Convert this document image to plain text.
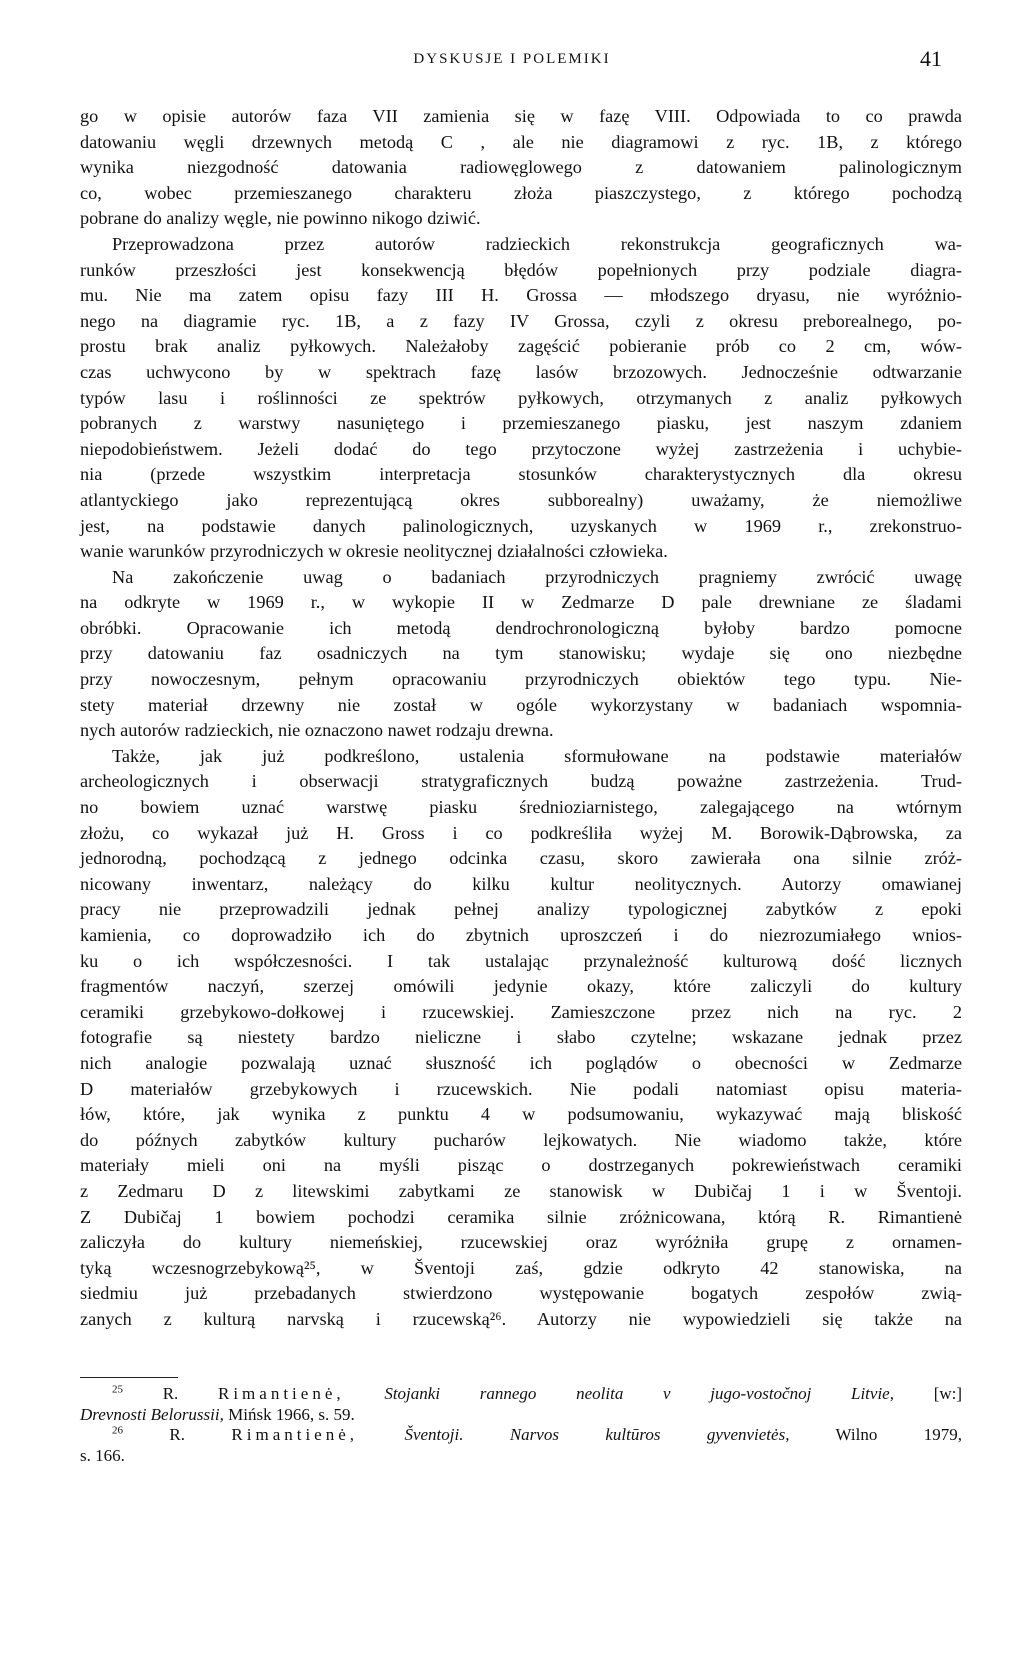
DYSKUSJE I POLEMIKI	41
go w opisie autorów faza VII zamienia się w fazę VIII. Odpowiada to co prawda
datowaniu węgli drzewnych metodą C , ale nie diagramowi z ryc. 1B, z którego
wynika niezgodność datowania radiowęglowego z datowaniem palinologicznym
co, wobec przemieszanego charakteru złoża piaszczystego, z którego pochodzą
pobrane do analizy węgle, nie powinno nikogo dziwić.
Przeprowadzona przez autorów radzieckich rekonstrukcja geograficznych wa-
runków przeszłości jest konsekwencją błędów popełnionych przy podziale diagra-
mu. Nie ma zatem opisu fazy III H. Grossa — młodszego dryasu, nie wyróżnio-
nego na diagramie ryc. 1B, a z fazy IV Grossa, czyli z okresu preborealnego, po-
prostu brak analiz pyłkowych. Należałoby zagęścić pobieranie prób co 2 cm, wów-
czas uchwycono by w spektrach fazę lasów brzozowych. Jednocześnie odtwarzanie
typów lasu i roślinności ze spektrów pyłkowych, otrzymanych z analiz pyłkowych
pobranych z warstwy nasuniętego i przemieszanego piasku, jest naszym zdaniem
niepodobieństwem. Jeżeli dodać do tego przytoczone wyżej zastrzeżenia i uchybie-
nia (przede wszystkim interpretacja stosunków charakterystycznych dla okresu
atlantyckiego jako reprezentującą okres subborealny) uważamy, że niemożliwe
jest, na podstawie danych palinologicznych, uzyskanych w 1969 r., zrekonstruo-
wanie warunków przyrodniczych w okresie neolitycznej działalności człowieka.
Na zakończenie uwag o badaniach przyrodniczych pragniemy zwrócić uwagę
na odkryte w 1969 r., w wykopie II w Zedmarze D pale drewniane ze śladami
obróbki. Opracowanie ich metodą dendrochronologiczną byłoby bardzo pomocne
przy datowaniu faz osadniczych na tym stanowisku; wydaje się ono niezbędne
przy nowoczesnym, pełnym opracowaniu przyrodniczych obiektów tego typu. Nie-
stety materiał drzewny nie został w ogóle wykorzystany w badaniach wspomnia-
nych autorów radzieckich, nie oznaczono nawet rodzaju drewna.
Także, jak już podkreślono, ustalenia sformułowane na podstawie materiałów
archeologicznych i obserwacji stratygraficznych budzą poważne zastrzeżenia. Trud-
no bowiem uznać warstwę piasku średnioziarnistego, zalegającego na wtórnym
złożu, co wykazał już H. Gross i co podkreśliła wyżej M. Borowik-Dąbrowska, za
jednorodną, pochodzącą z jednego odcinka czasu, skoro zawierała ona silnie zróż-
nicowany inwentarz, należący do kilku kultur neolitycznych. Autorzy omawianej
pracy nie przeprowadzili jednak pełnej analizy typologicznej zabytków z epoki
kamienia, co doprowadziło ich do zbytnich uproszczeń i do niezrozumiałego wnios-
ku o ich współczesności. I tak ustalając przynależność kulturową dość licznych
fragmentów naczyń, szerzej omówili jedynie okazy, które zaliczyli do kultury
ceramiki grzebykowo-dołkowej i rzucewskiej. Zamieszczone przez nich na ryc. 2
fotografie są niestety bardzo nieliczne i słabo czytelne; wskazane jednak przez
nich analogie pozwalają uznać słuszność ich poglądów o obecności w Zedmarze
D materiałów grzebykowych i rzucewskich. Nie podali natomiast opisu materia-
łów, które, jak wynika z punktu 4 w podsumowaniu, wykazywać mają bliskość
do późnych zabytków kultury pucharów lejkowatych. Nie wiadomo także, które
materiały mieli oni na myśli pisząc o dostrzeganych pokrewieństwach ceramiki
z Zedmaru D z litewskimi zabytkami ze stanowisk w Dubičaj 1 i w Šventoji.
Z Dubičaj 1 bowiem pochodzi ceramika silnie zróżnicowana, którą R. Rimantienė
zaliczyła do kultury niemeńskiej, rzucewskiej oraz wyróżniła grupę z ornamen-
tyką wczesnogrzebykową²⁵, w Šventoji zaś, gdzie odkryto 42 stanowiska, na
siedmiu już przebadanych stwierdzono występowanie bogatych zespołów zwią-
zanych z kulturą narvską i rzucewską²⁶. Autorzy nie wypowiedzieli się także na
$^{25}$ R. Rimantienė, Stojanki rannego neolita v jugo-vostočnoj Litvie, [w:]
Drevnosti Belorussii, Mińsk 1966, s. 59.
$^{26}$	R. Rimantienė,	Šventoji. Narvos kultūros gyvenvietės,	Wilno 1979,
s. 166.
